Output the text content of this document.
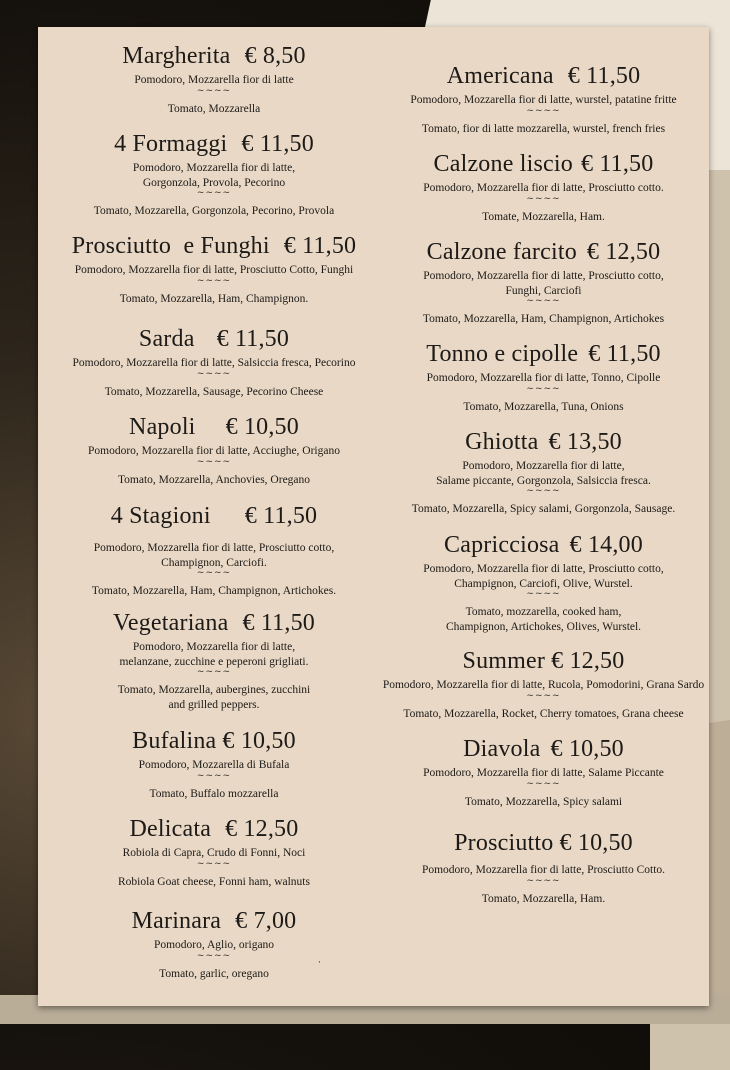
Margherita € 8,50
Pomodoro, Mozzarella fior di latte
~~~~
Tomato, Mozzarella
4 Formaggi € 11,50
Pomodoro, Mozzarella fior di latte,
Gorgonzola, Provola, Pecorino
~~~~
Tomato, Mozzarella, Gorgonzola, Pecorino, Provola
Prosciutto  e Funghi € 11,50
Pomodoro, Mozzarella fior di latte, Prosciutto Cotto, Funghi
~~~~
Tomato, Mozzarella, Ham, Champignon.
Sarda € 11,50
Pomodoro, Mozzarella fior di latte, Salsiccia fresca, Pecorino
~~~~
Tomato, Mozzarella, Sausage, Pecorino Cheese
Napoli € 10,50
Pomodoro, Mozzarella fior di latte, Acciughe, Origano
~~~~
Tomato, Mozzarella, Anchovies, Oregano
4 Stagioni € 11,50
Pomodoro, Mozzarella fior di latte, Prosciutto cotto,
Champignon, Carciofi.
~~~~
Tomato, Mozzarella, Ham, Champignon, Artichokes.
Vegetariana € 11,50
Pomodoro, Mozzarella fior di latte,
melanzane, zucchine e peperoni grigliati.
~~~~
Tomato, Mozzarella, aubergines, zucchini
and grilled peppers.
Bufalina € 10,50
Pomodoro, Mozzarella di Bufala
~~~~
Tomato, Buffalo mozzarella
Delicata € 12,50
Robiola di Capra, Crudo di Fonni, Noci
~~~~
Robiola Goat cheese, Fonni ham, walnuts
Marinara € 7,00
Pomodoro, Aglio, origano
~~~~
Tomato, garlic, oregano
Americana € 11,50
Pomodoro, Mozzarella fior di latte, wurstel, patatine fritte
~~~~
Tomato, fior di latte mozzarella, wurstel, french fries
Calzone liscio € 11,50
Pomodoro, Mozzarella fior di latte, Prosciutto cotto.
~~~~
Tomate, Mozzarella, Ham.
Calzone farcito € 12,50
Pomodoro, Mozzarella fior di latte, Prosciutto cotto,
Funghi, Carciofi
~~~~
Tomato, Mozzarella, Ham, Champignon, Artichokes
Tonno e cipolle € 11,50
Pomodoro, Mozzarella fior di latte, Tonno, Cipolle
~~~~
Tomato, Mozzarella, Tuna, Onions
Ghiotta € 13,50
Pomodoro, Mozzarella fior di latte,
Salame piccante, Gorgonzola, Salsiccia fresca.
~~~~
Tomato, Mozzarella, Spicy salami, Gorgonzola, Sausage.
Capricciosa € 14,00
Pomodoro, Mozzarella fior di latte, Prosciutto cotto,
Champignon, Carciofi, Olive, Wurstel.
~~~~
Tomato, mozzarella, cooked ham,
Champignon, Artichokes, Olives, Wurstel.
Summer € 12,50
Pomodoro, Mozzarella fior di latte, Rucola, Pomodorini, Grana Sardo
~~~~
Tomato, Mozzarella, Rocket, Cherry tomatoes, Grana cheese
Diavola € 10,50
Pomodoro, Mozzarella fior di latte, Salame Piccante
~~~~
Tomato, Mozzarella, Spicy salami
Prosciutto € 10,50
Pomodoro, Mozzarella fior di latte, Prosciutto Cotto.
~~~~
Tomato, Mozzarella, Ham.
·
